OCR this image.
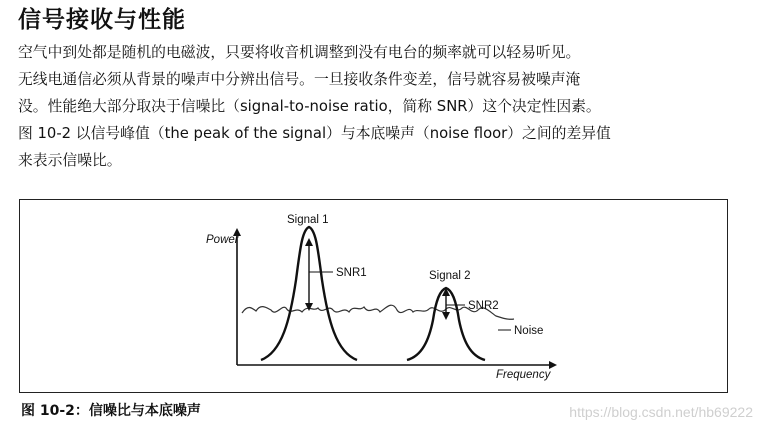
信号接收与性能

空气中到处都是随机的电磁波，只要将收音机调整到没有电台的频率就可以轻易听见。

无线电通信必须从背景的噪声中分辨出信号。一旦接收条件变差，信号就容易被噪声淹

没。性能绝大部分取决于信噪比（signal-to-noise ratio，简称 SNR）这个决定性因素。

图 10-2 以信号峰值（the peak of the signal）与本底噪声（noise floor）之间的差异值

来表示信噪比。

Power
Frequency
Signal 1
Signal 2
SNR1
SNR2
Noise

图 10-2：信噪比与本底噪声	https://blog.csdn.net/hb69222
